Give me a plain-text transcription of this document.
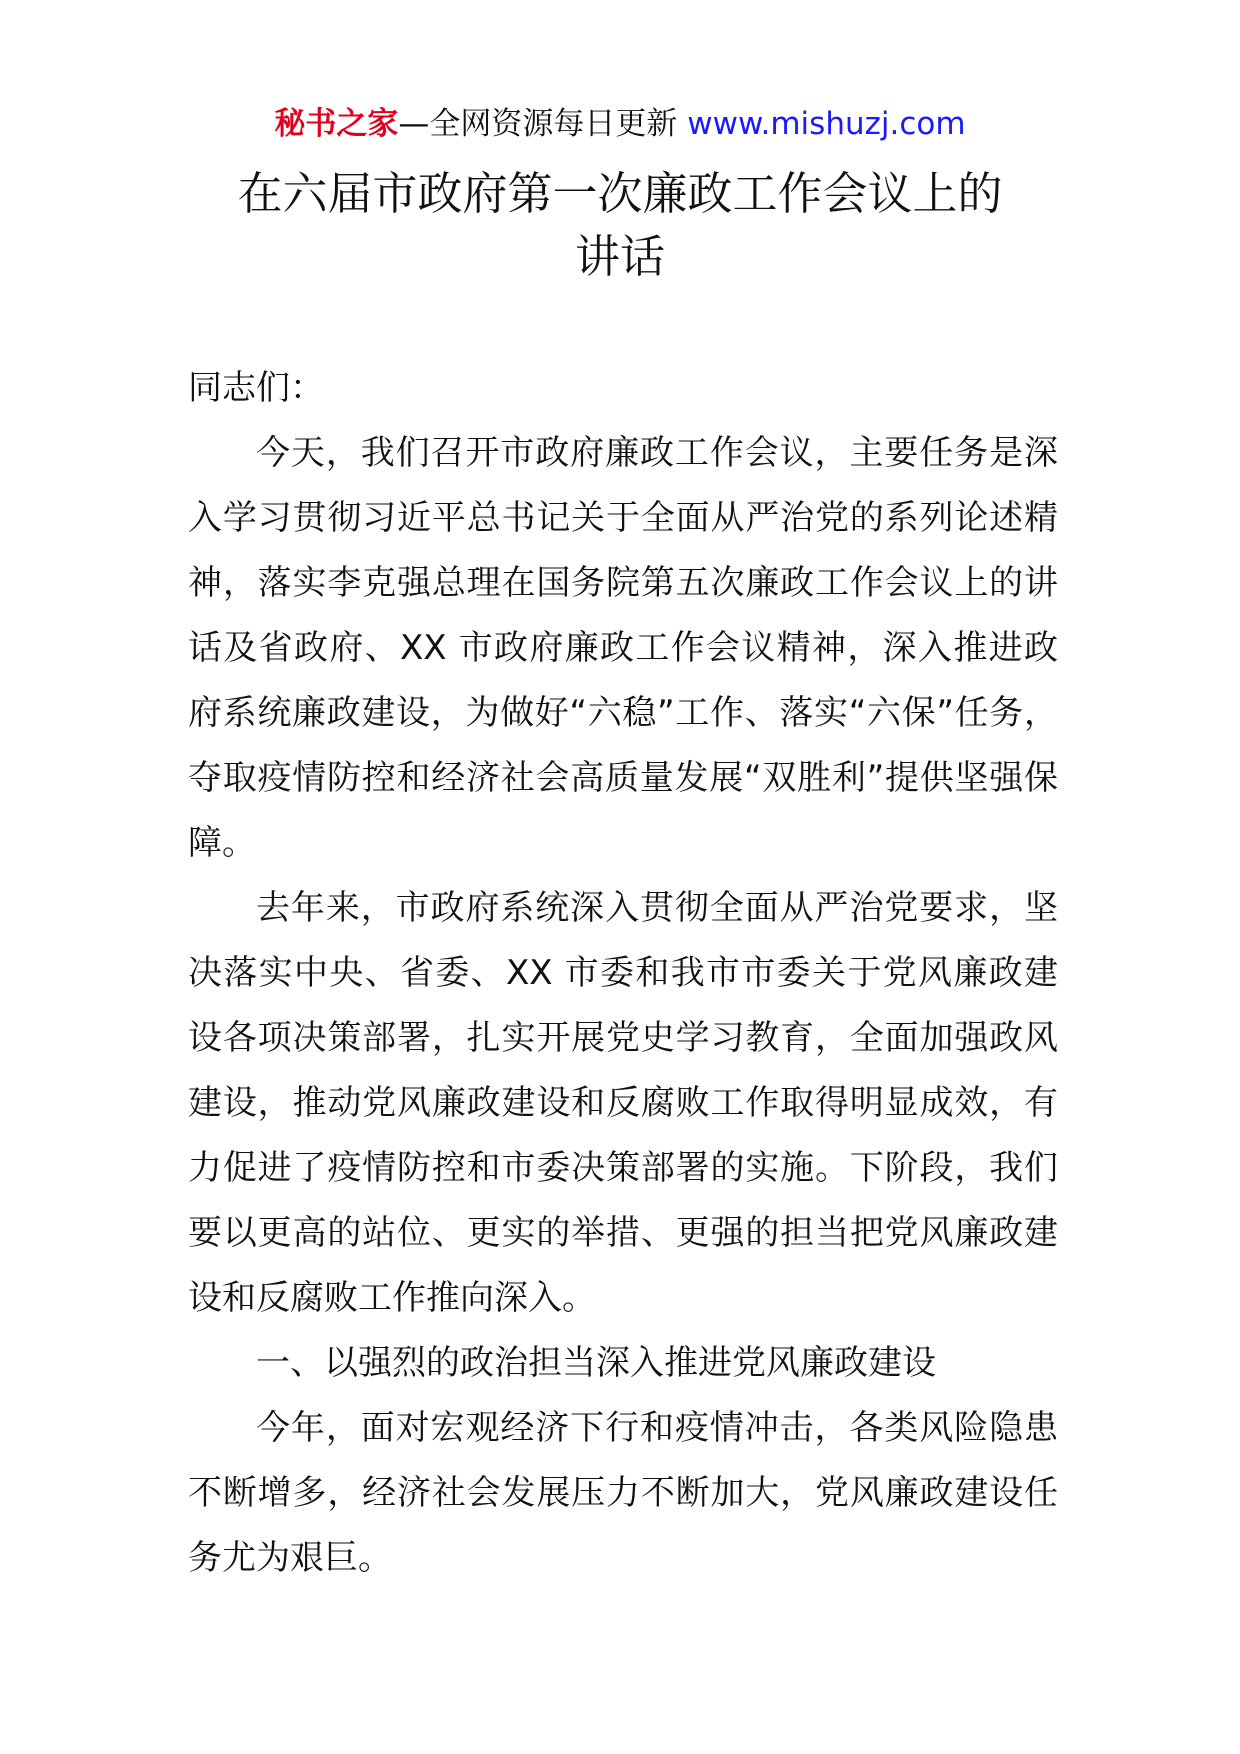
秘书之家—全网资源每日更新 www.mishuzj.com
在六届市政府第一次廉政工作会议上的
讲话

同志们：

今天，我们召开市政府廉政工作会议，主要任务是深入学习贯彻习近平总书记关于全面从严治党的系列论述精神，落实李克强总理在国务院第五次廉政工作会议上的讲话及省政府、XX 市政府廉政工作会议精神，深入推进政府系统廉政建设，为做好“六稳”工作、落实“六保”任务，夺取疫情防控和经济社会高质量发展“双胜利”提供坚强保障。

去年来，市政府系统深入贯彻全面从严治党要求，坚决落实中央、省委、XX 市委和我市市委关于党风廉政建设各项决策部署，扎实开展党史学习教育，全面加强政风建设，推动党风廉政建设和反腐败工作取得明显成效，有力促进了疫情防控和市委决策部署的实施。下阶段，我们要以更高的站位、更实的举措、更强的担当把党风廉政建设和反腐败工作推向深入。

一、以强烈的政治担当深入推进党风廉政建设

今年，面对宏观经济下行和疫情冲击，各类风险隐患不断增多，经济社会发展压力不断加大，党风廉政建设任务尤为艰巨。
